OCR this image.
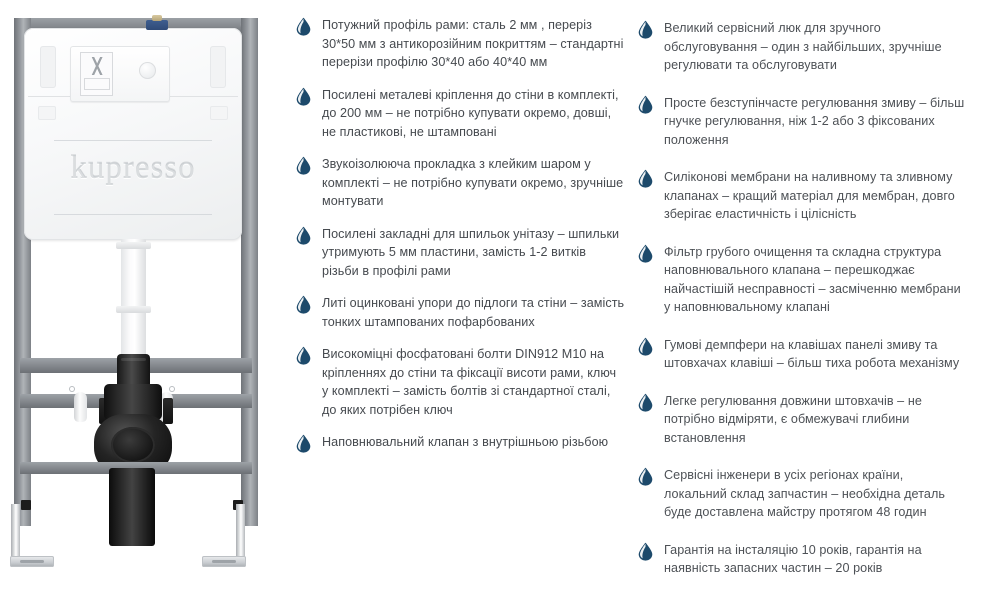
kupresso
Потужний профіль рами: сталь 2 мм , переріз 30*50 мм з антикорозійним покриттям – стандартні перерізи профілю 30*40 або 40*40 мм
Посилені металеві кріплення до стіни в комплекті, до 200 мм – не потрібно купувати окремо, довші, не пластикові, не штамповані
Звукоізолюючa прокладка з клейким шаром у комплекті – не потрібно купувати окремо, зручніше монтувати
Посилені закладні для шпильок унітазу – шпильки утримують 5 мм пластини, замість 1-2 витків різьби в профілі рами
Литі оцинковані упори до підлоги та стіни – замість тонких штампованих пофарбованих
Високоміцні фосфатовані болти DIN912 M10 на кріпленнях до стіни та фіксації висоти рами, ключ у комплекті – замість болтів зі стандартної сталі, до яких потрібен ключ
Наповнювальний клапан з внутрішньою різьбою
Великий сервісний люк для зручного обслуговування – один з найбільших, зручніше регулювати та обслуговувати
Просте безступінчасте регулювання змиву – більш гнучке регулювання, ніж 1-2 або 3 фіксованих положення
Силіконові мембрани на наливному та зливному клапанах – кращий матеріал для мембран, довго зберігає еластичність і цілісність
Фільтр грубого очищення та складна структура наповнювального клапана – перешкоджає найчастішій несправності – засміченню мембрани у наповнювальному клапані
Гумові демпфери на клавішах панелі змиву та штовхачах клавіші – більш тиха робота механізму
Легке регулювання довжини штовхачів – не потрібно відміряти, є обмежувачі глибини встановлення
Сервісні інженери в усіх регіонах країни, локальний склад запчастин – необхідна деталь буде доставлена майстру протягом 48 годин
Гарантія на інсталяцію 10 років, гарантія на наявність запасних частин – 20 років
